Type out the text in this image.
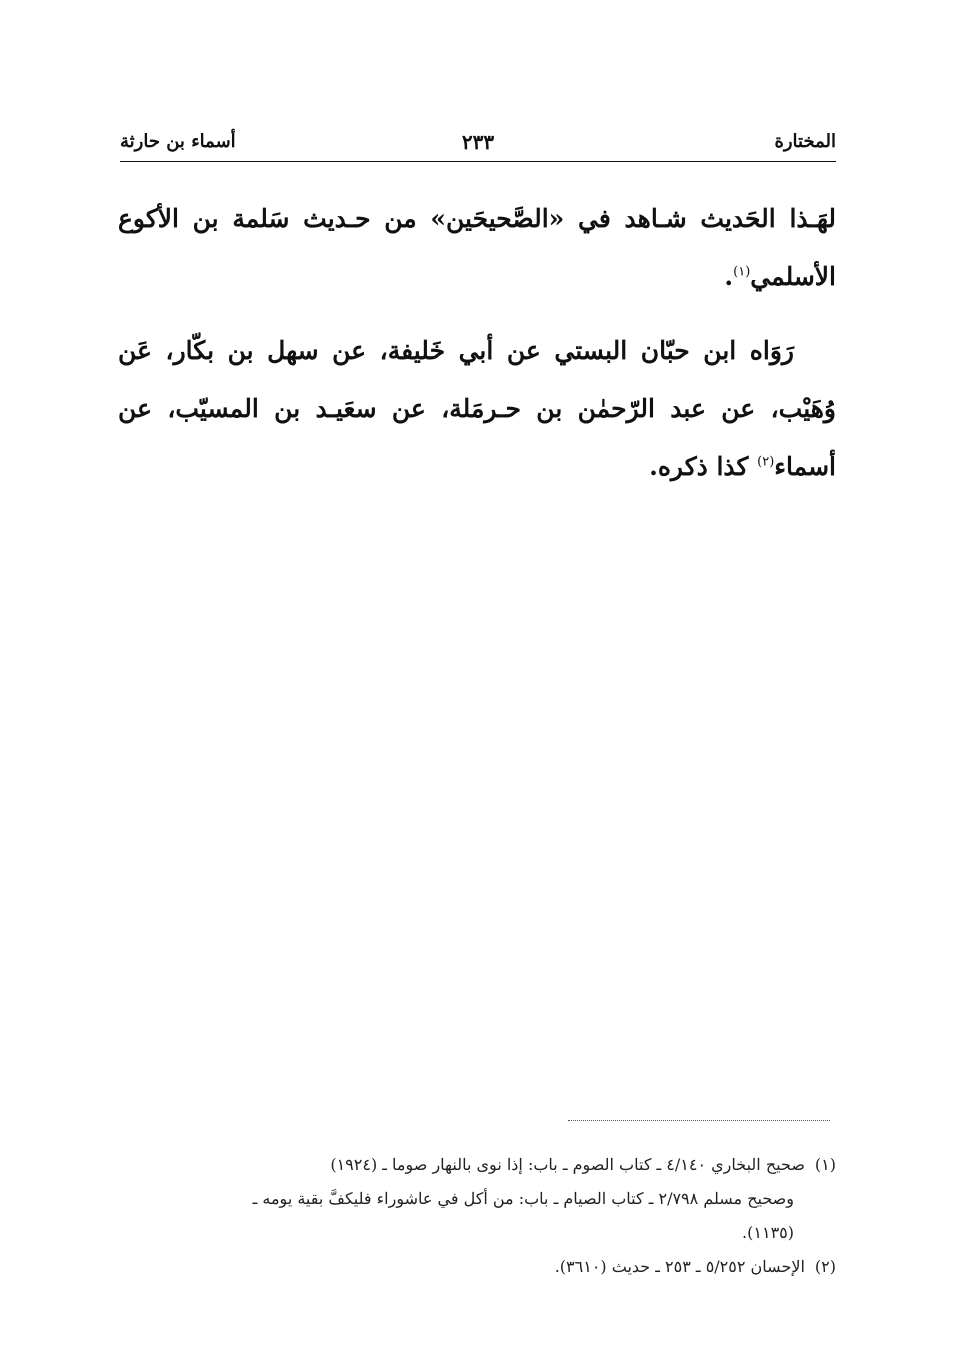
المختارة
٢٣٣
أسماء بن حارثة

لهَـذا الحَديث شـاهد في «الصَّحيحَين» من حـديث سَلمة بن الأكوع الأسلمي$^{(١)}$.

رَوَاه ابن حبّان البستي عن أبي خَليفة، عن سهل بن بكّار، عَن وُهَيْب، عن عبد الرّحمٰن بن حـرمَلة، عن سعَيـد بن المسيّب، عن أسماء$^{(٢)}$ كذا ذكره.

(١)صحيح البخاري ٤/١٤٠ ـ كتاب الصوم ـ باب: إذا نوى بالنهار صوما ـ (١٩٢٤)

وصحيح مسلم ٢/٧٩٨ ـ كتاب الصيام ـ باب: من أكل في عاشوراء فليكفَّ بقية يومه ـ

(١١٣٥).

(٢)الإحسان ٥/٢٥٢ ـ ٢٥٣ ـ حديث (٣٦١٠).
